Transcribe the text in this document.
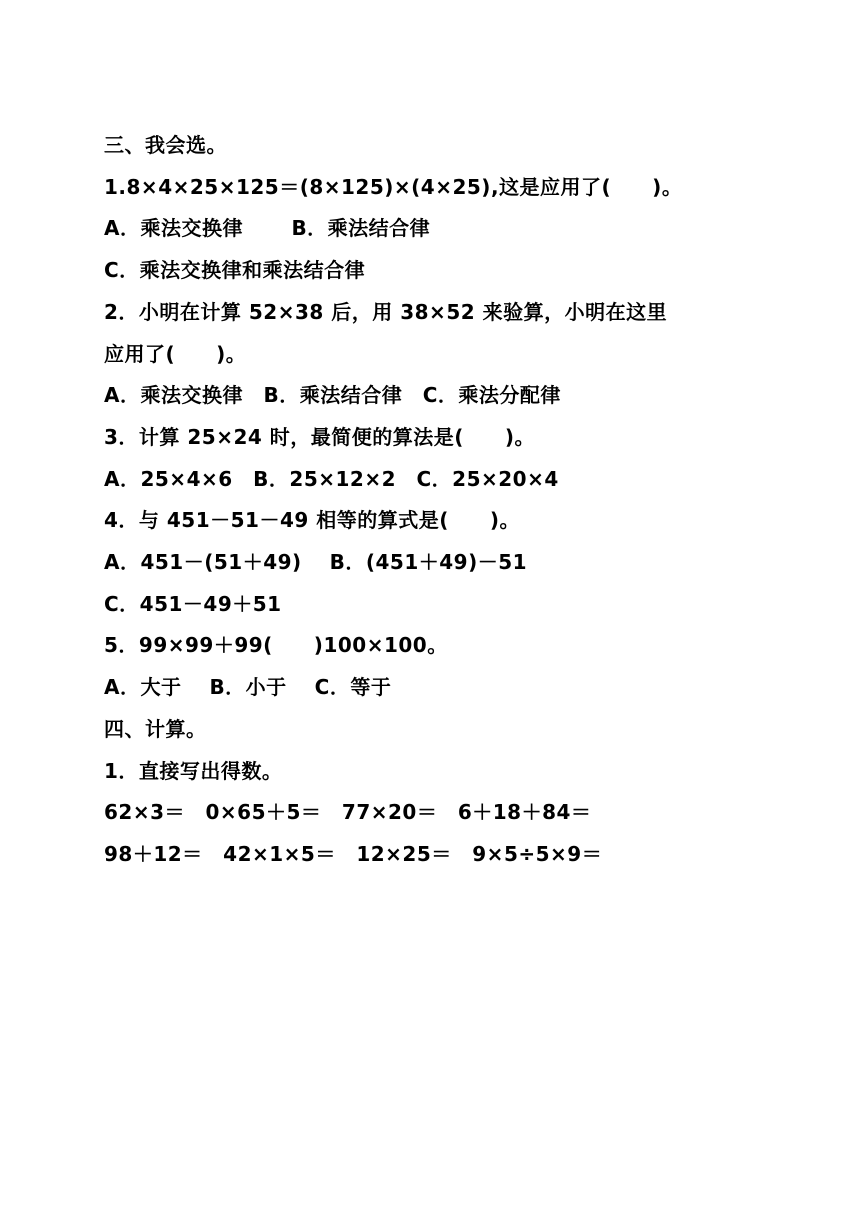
三、我会选。
1.8×4×25×125＝(8×125)×(4×25),这是应用了(　　)。
A．乘法交换律　　 B．乘法结合律
C．乘法交换律和乘法结合律
2．小明在计算 52×38 后，用 38×52 来验算，小明在这里
应用了(　　)。
A．乘法交换律　B．乘法结合律　C．乘法分配律
3．计算 25×24 时，最简便的算法是(　　)。
A．25×4×6　B．25×12×2　C．25×20×4
4．与 451－51－49 相等的算式是(　　)。
A．451－(51＋49)　 B．(451＋49)－51
C．451－49＋51
5．99×99＋99(　　)100×100。
A．大于　 B．小于　 C．等于
四、计算。
1．直接写出得数。
62×3＝　0×65＋5＝　77×20＝　6＋18＋84＝
98＋12＝　42×1×5＝　12×25＝　9×5÷5×9＝
